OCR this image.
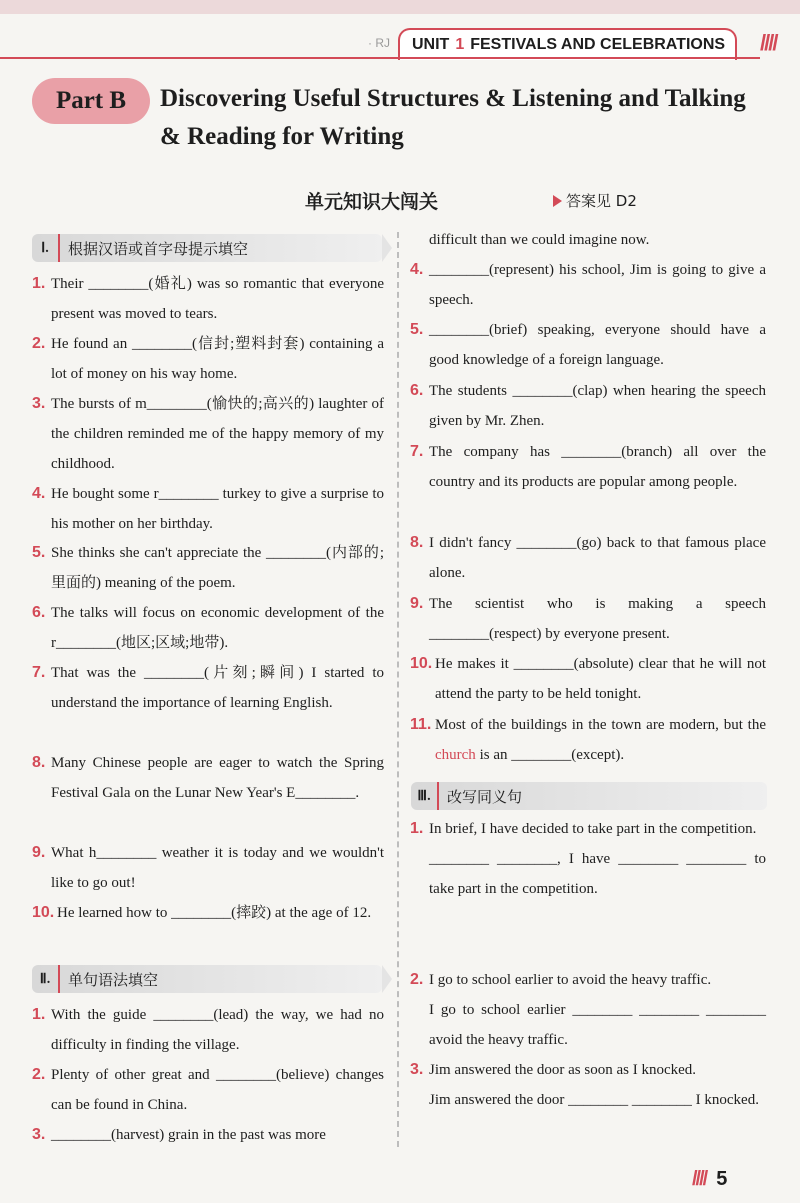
· RJ UNIT 1 FESTIVALS AND CELEBRATIONS ////
Part B Discovering Useful Structures & Listening and Talking & Reading for Writing
单元知识大闯关	答案见 D2
Ⅰ.	根据汉语或首字母提示填空
1. Their ________(婚礼) was so romantic that everyone present was moved to tears.
2. He found an ________(信封;塑料封套) containing a lot of money on his way home.
3. The bursts of m________(愉快的;高兴的) laughter of the children reminded me of the happy memory of my childhood.
4. He bought some r________ turkey to give a surprise to his mother on her birthday.
5. She thinks she can't appreciate the ________(内部的;里面的) meaning of the poem.
6. The talks will focus on economic development of the r________(地区;区域;地带).
7. That was the ________(片刻;瞬间) I started to understand the importance of learning English.
8. Many Chinese people are eager to watch the Spring Festival Gala on the Lunar New Year's E________.
9. What h________ weather it is today and we wouldn't like to go out!
10. He learned how to ________(摔跤) at the age of 12.
Ⅱ.	单句语法填空
1. With the guide ________(lead) the way, we had no difficulty in finding the village.
2. Plenty of other great and ________(believe) changes can be found in China.
3. ________(harvest) grain in the past was more
difficult than we could imagine now.
4. ________(represent) his school, Jim is going to give a speech.
5. ________(brief) speaking, everyone should have a good knowledge of a foreign language.
6. The students ________(clap) when hearing the speech given by Mr. Zhen.
7. The company has ________(branch) all over the country and its products are popular among people.
8. I didn't fancy ________(go) back to that famous place alone.
9. The scientist who is making a speech ________(respect) by everyone present.
10. He makes it ________(absolute) clear that he will not attend the party to be held tonight.
11. Most of the buildings in the town are modern, but the church is an ________(except).
Ⅲ.	改写同义句
1. In brief, I have decided to take part in the competition.
________ ________, I have ________ ________ to take part in the competition.
2. I go to school earlier to avoid the heavy traffic.
I go to school earlier ________ ________ ________ avoid the heavy traffic.
3. Jim answered the door as soon as I knocked.
Jim answered the door ________ ________ I knocked.
//// 5
